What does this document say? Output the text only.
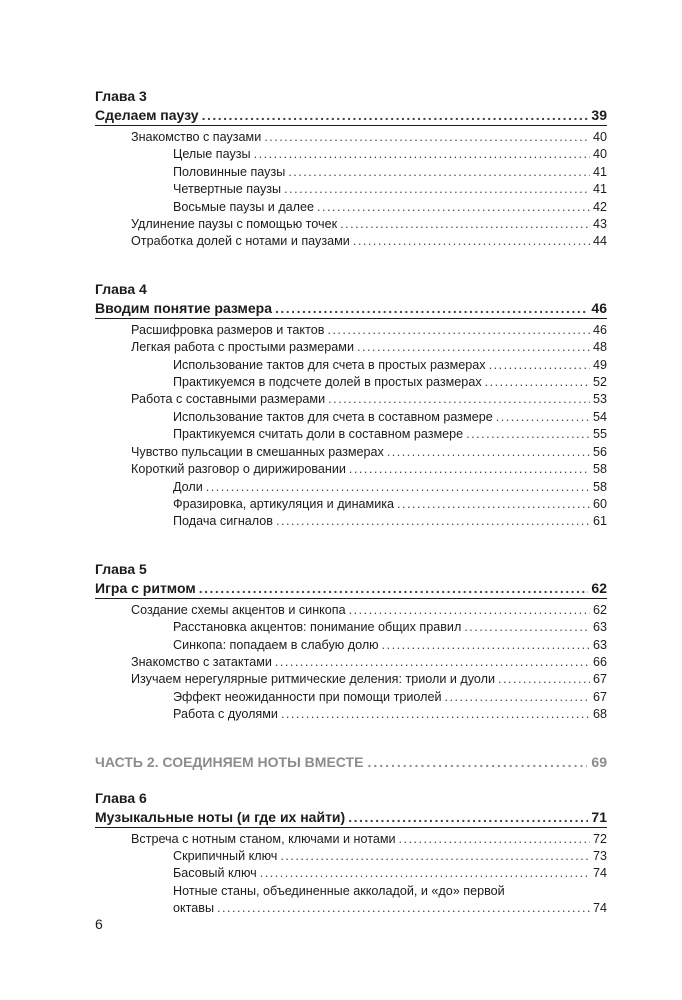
Глава 3
Сделаем паузу .....	39
Знакомство с паузами .....	40
Целые паузы .....	40
Половинные паузы .....	41
Четвертные паузы .....	41
Восьмые паузы и далее .....	42
Удлинение паузы с помощью точек .....	43
Отработка долей с нотами и паузами .....	44
Глава 4
Вводим понятие размера .....	46
Расшифровка размеров и тактов .....	46
Легкая работа с простыми размерами .....	48
Использование тактов для счета в простых размерах .....	49
Практикуемся в подсчете долей в простых размерах .....	52
Работа с составными размерами .....	53
Использование тактов для счета в составном размере .....	54
Практикуемся считать доли в составном размере .....	55
Чувство пульсации в смешанных размерах .....	56
Короткий разговор о дирижировании .....	58
Доли .....	58
Фразировка, артикуляция и динамика .....	60
Подача сигналов .....	61
Глава 5
Игра с ритмом .....	62
Создание схемы акцентов и синкопа .....	62
Расстановка акцентов: понимание общих правил .....	63
Синкопа: попадаем в слабую долю .....	63
Знакомство с затактами .....	66
Изучаем нерегулярные ритмические деления: триоли и дуоли .....	67
Эффект неожиданности при помощи триолей .....	67
Работа с дуолями .....	68
ЧАСТЬ 2. СОЕДИНЯЕМ НОТЫ ВМЕСТЕ .....	69
Глава 6
Музыкальные ноты (и где их найти) .....	71
Встреча с нотным станом, ключами и нотами .....	72
Скрипичный ключ .....	73
Басовый ключ .....	74
Нотные станы, объединенные акколадой, и «до» первой
октавы .....	74
6
